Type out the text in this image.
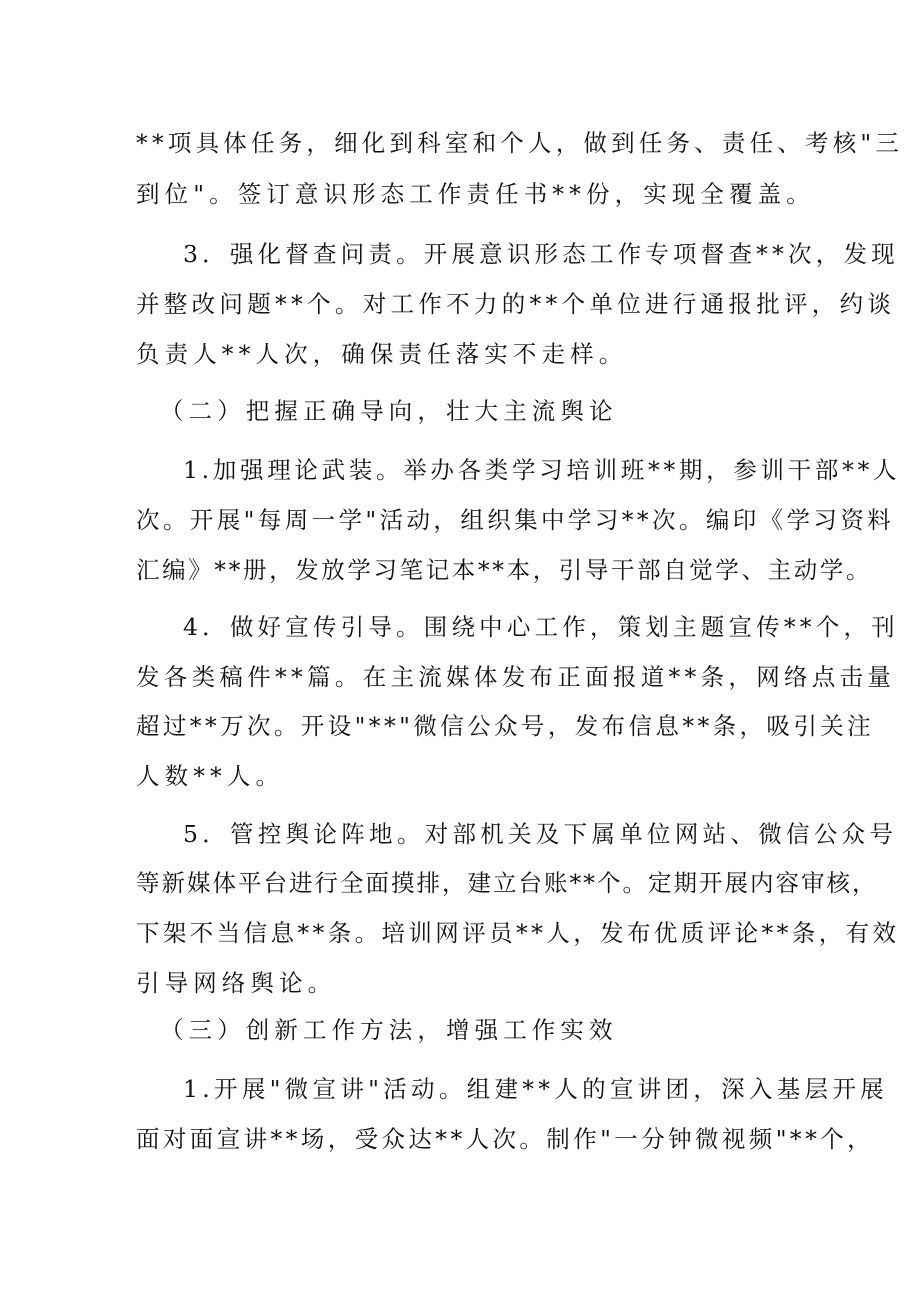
**项具体任务，细化到科室和个人，做到任务、责任、考核"三
到位"。签订意识形态工作责任书**份，实现全覆盖。
3．强化督查问责。开展意识形态工作专项督查**次，发现
并整改问题**个。对工作不力的**个单位进行通报批评，约谈
负责人**人次，确保责任落实不走样。
（二）把握正确导向，壮大主流舆论
1.加强理论武装。举办各类学习培训班**期，参训干部**人
次。开展"每周一学"活动，组织集中学习**次。编印《学习资料
汇编》**册，发放学习笔记本**本，引导干部自觉学、主动学。
4．做好宣传引导。围绕中心工作，策划主题宣传**个，刊
发各类稿件**篇。在主流媒体发布正面报道**条，网络点击量
超过**万次。开设"**"微信公众号，发布信息**条，吸引关注
人数**人。
5．管控舆论阵地。对部机关及下属单位网站、微信公众号
等新媒体平台进行全面摸排，建立台账**个。定期开展内容审核，
下架不当信息**条。培训网评员**人，发布优质评论**条，有效
引导网络舆论。
（三）创新工作方法，增强工作实效
1.开展"微宣讲"活动。组建**人的宣讲团，深入基层开展
面对面宣讲**场，受众达**人次。制作"一分钟微视频"**个，
